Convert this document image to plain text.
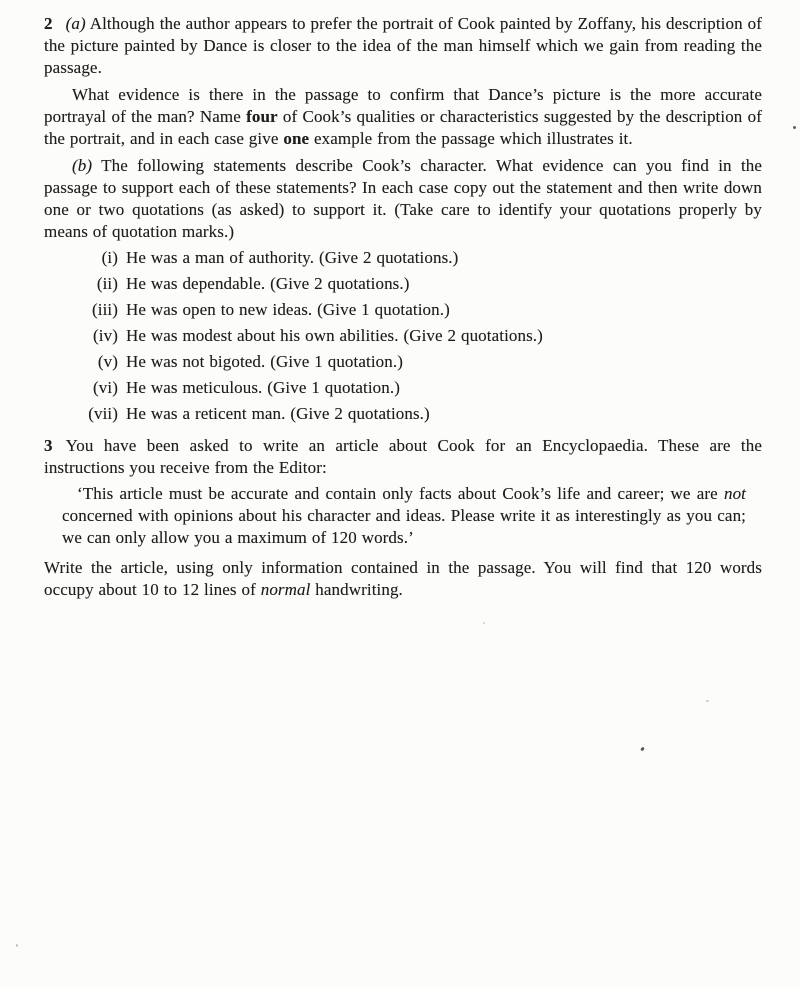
2 (a) Although the author appears to prefer the portrait of Cook painted by Zoffany, his description of the picture painted by Dance is closer to the idea of the man himself which we gain from reading the passage.

What evidence is there in the passage to confirm that Dance’s picture is the more accurate portrayal of the man? Name four of Cook’s qualities or characteristics suggested by the description of the portrait, and in each case give one example from the passage which illustrates it.

(b) The following statements describe Cook’s character. What evidence can you find in the passage to support each of these statements? In each case copy out the statement and then write down one or two quotations (as asked) to support it. (Take care to identify your quotations properly by means of quotation marks.)

(i) He was a man of authority. (Give 2 quotations.)
(ii) He was dependable. (Give 2 quotations.)
(iii) He was open to new ideas. (Give 1 quotation.)
(iv) He was modest about his own abilities. (Give 2 quotations.)
(v) He was not bigoted. (Give 1 quotation.)
(vi) He was meticulous. (Give 1 quotation.)
(vii) He was a reticent man. (Give 2 quotations.)

3 You have been asked to write an article about Cook for an Encyclopaedia. These are the instructions you receive from the Editor:

‘This article must be accurate and contain only facts about Cook’s life and career; we are not concerned with opinions about his character and ideas. Please write it as interestingly as you can; we can only allow you a maximum of 120 words.’

Write the article, using only information contained in the passage. You will find that 120 words occupy about 10 to 12 lines of normal handwriting.
